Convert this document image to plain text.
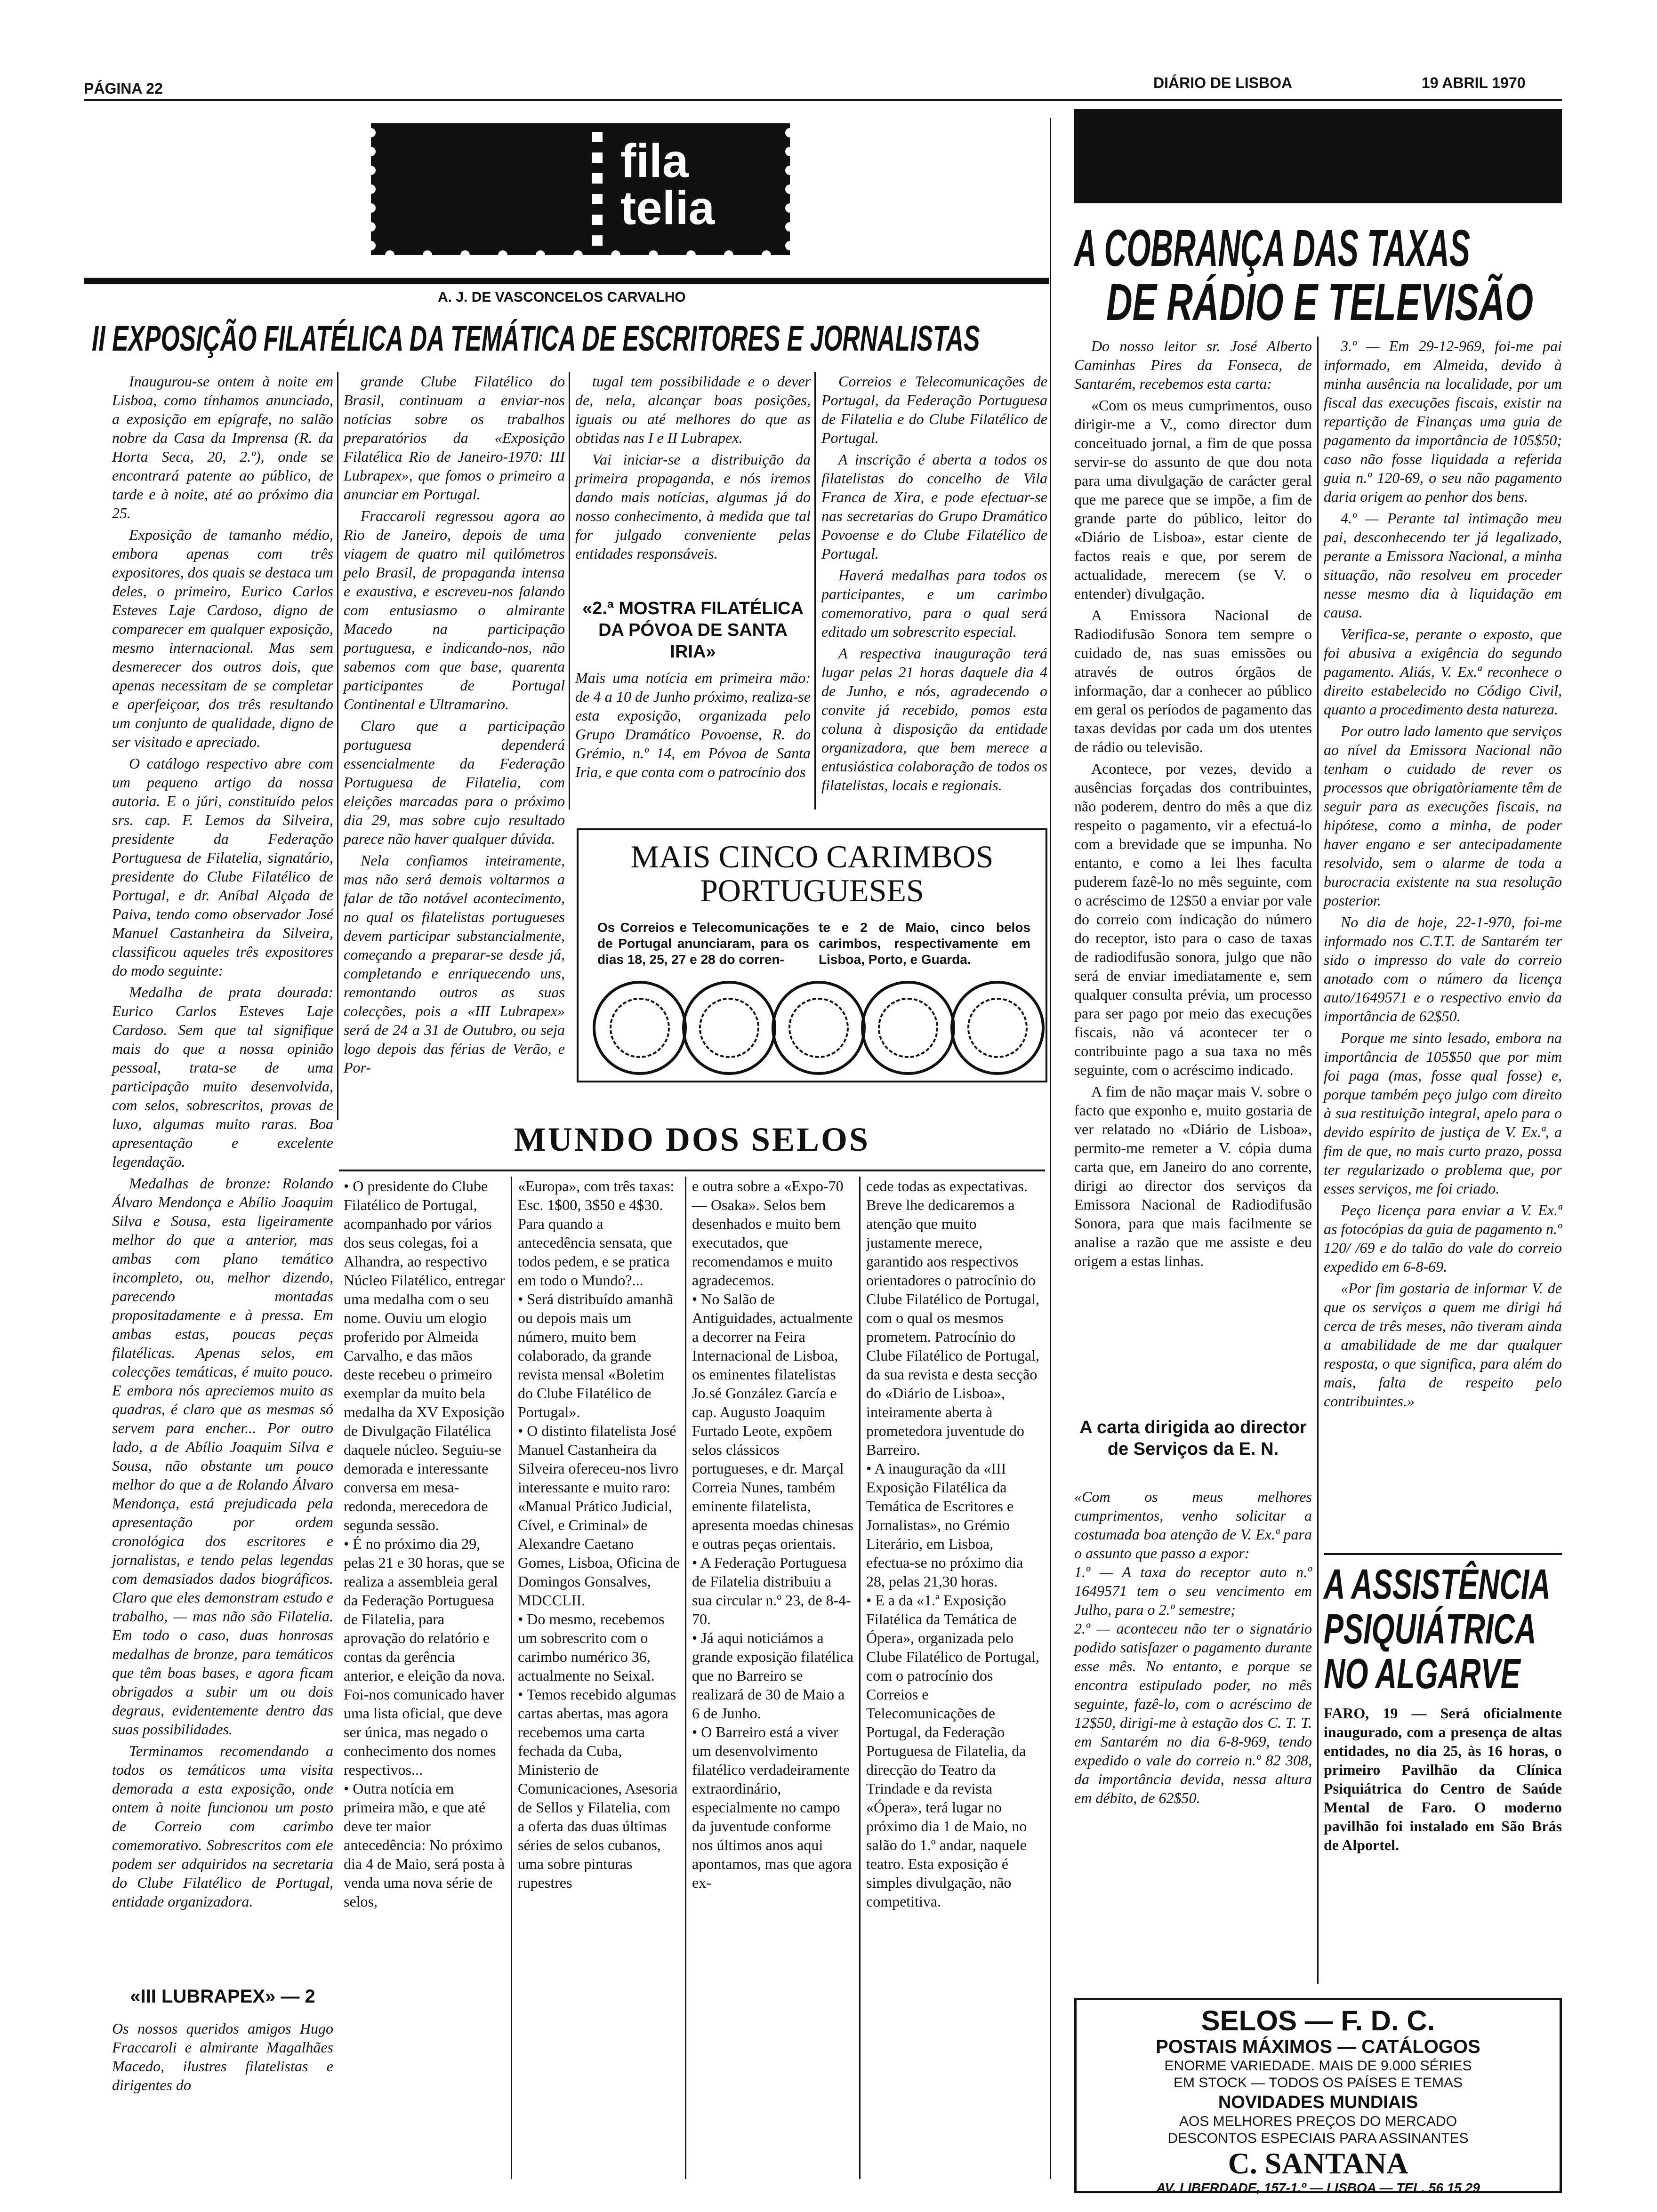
PÁGINA 22	DIÁRIO DE LISBOA	19 ABRIL 1970
fila
telia
A. J. DE VASCONCELOS CARVALHO
II EXPOSIÇÃO FILATÉLICA DA TEMÁTICA DE ESCRITORES E JORNALISTAS

Inaugurou-se ontem à noite em Lisboa, como tínhamos anunciado, a exposição em epígrafe, no salão nobre da Casa da Imprensa (R. da Horta Seca, 20, 2.º), onde se encontrará patente ao público, de tarde e à noite, até ao próximo dia 25.

Exposição de tamanho médio, embora apenas com três expositores, dos quais se destaca um deles, o primeiro, Eurico Carlos Esteves Laje Cardoso, digno de comparecer em qualquer exposição, mesmo internacional. Mas sem desmerecer dos outros dois, que apenas necessitam de se completar e aperfeiçoar, dos três resultando um conjunto de qualidade, digno de ser visitado e apreciado.

O catálogo respectivo abre com um pequeno artigo da nossa autoria. E o júri, constituído pelos srs. cap. F. Lemos da Silveira, presidente da Federação Portuguesa de Filatelia, signatário, presidente do Clube Filatélico de Portugal, e dr. Aníbal Alçada de Paiva, tendo como observador José Manuel Castanheira da Silveira, classificou aqueles três expositores do modo seguinte:

Medalha de prata dourada: Eurico Carlos Esteves Laje Cardoso. Sem que tal signifique mais do que a nossa opinião pessoal, trata-se de uma participação muito desenvolvida, com selos, sobrescritos, provas de luxo, algumas muito raras. Boa apresentação e excelente legendação.

Medalhas de bronze: Rolando Álvaro Mendonça e Abílio Joaquim Silva e Sousa, esta ligeiramente melhor do que a anterior, mas ambas com plano temático incompleto, ou, melhor dizendo, parecendo montadas propositadamente e à pressa. Em ambas estas, poucas peças filatélicas. Apenas selos, em colecções temáticas, é muito pouco. E embora nós apreciemos muito as quadras, é claro que as mesmas só servem para encher... Por outro lado, a de Abílio Joaquim Silva e Sousa, não obstante um pouco melhor do que a de Rolando Álvaro Mendonça, está prejudicada pela apresentação por ordem cronológica dos escritores e jornalistas, e tendo pelas legendas com demasiados dados biográficos. Claro que eles demonstram estudo e trabalho, — mas não são Filatelia. Em todo o caso, duas honrosas medalhas de bronze, para temáticos que têm boas bases, e agora ficam obrigados a subir um ou dois degraus, evidentemente dentro das suas possibilidades.

Terminamos recomendando a todos os temáticos uma visita demorada a esta exposição, onde ontem à noite funcionou um posto de Correio com carimbo comemorativo. Sobrescritos com ele podem ser adquiridos na secretaria do Clube Filatélico de Portugal, entidade organizadora.

«III LUBRAPEX» — 2
Os nossos queridos amigos Hugo Fraccaroli e almirante Magalhães Macedo, ilustres filatelistas e dirigentes do

grande Clube Filatélico do Brasil, continuam a enviar-nos notícias sobre os trabalhos preparatórios da «Exposição Filatélica Rio de Janeiro-1970: III Lubrapex», que fomos o primeiro a anunciar em Portugal.

Fraccaroli regressou agora ao Rio de Janeiro, depois de uma viagem de quatro mil quilómetros pelo Brasil, de propaganda intensa e exaustiva, e escreveu-nos falando com entusiasmo o almirante Macedo na participação portuguesa, e indicando-nos, não sabemos com que base, quarenta participantes de Portugal Continental e Ultramarino.

Claro que a participação portuguesa dependerá essencialmente da Federação Portuguesa de Filatelia, com eleições marcadas para o próximo dia 29, mas sobre cujo resultado parece não haver qualquer dúvida.

Nela confiamos inteiramente, mas não será demais voltarmos a falar de tão notável acontecimento, no qual os filatelistas portugueses devem participar substancialmente, começando a preparar-se desde já, completando e enriquecendo uns, remontando outros as suas colecções, pois a «III Lubrapex» será de 24 a 31 de Outubro, ou seja logo depois das férias de Verão, e Por-

tugal tem possibilidade e o dever de, nela, alcançar boas posições, iguais ou até melhores do que as obtidas nas I e II Lubrapex.

Vai iniciar-se a distribuição da primeira propaganda, e nós iremos dando mais notícias, algumas já do nosso conhecimento, à medida que tal for julgado conveniente pelas entidades responsáveis.

«2.ª MOSTRA FILATÉLICA DA PÓVOA DE SANTA IRIA»
Mais uma notícia em primeira mão: de 4 a 10 de Junho próximo, realiza-se esta exposição, organizada pelo Grupo Dramático Povoense, R. do Grémio, n.º 14, em Póvoa de Santa Iria, e que conta com o patrocínio dos

Correios e Telecomunicações de Portugal, da Federação Portuguesa de Filatelia e do Clube Filatélico de Portugal.

A inscrição é aberta a todos os filatelistas do concelho de Vila Franca de Xira, e pode efectuar-se nas secretarias do Grupo Dramático Povoense e do Clube Filatélico de Portugal.

Haverá medalhas para todos os participantes, e um carimbo comemorativo, para o qual será editado um sobrescrito especial.

A respectiva inauguração terá lugar pelas 21 horas daquele dia 4 de Junho, e nós, agradecendo o convite já recebido, pomos esta coluna à disposição da entidade organizadora, que bem merece a entusiástica colaboração de todos os filatelistas, locais e regionais.

MAIS CINCO CARIMBOS
PORTUGUESES
Os Correios e Telecomunicações de Portugal anunciaram, para os dias 18, 25, 27 e 28 do corren-
te e 2 de Maio, cinco belos carimbos, respectivamente em Lisboa, Porto, e Guarda.
MUNDO DOS SELOS
• O presidente do Clube Filatélico de Portugal, acompanhado por vários dos seus colegas, foi a Alhandra, ao respectivo Núcleo Filatélico, entregar uma medalha com o seu nome. Ouviu um elogio proferido por Almeida Carvalho, e das mãos deste recebeu o primeiro exemplar da muito bela medalha da XV Exposição de Divulgação Filatélica daquele núcleo. Seguiu-se demorada e interessante conversa em mesa-redonda, merecedora de segunda sessão.
• É no próximo dia 29, pelas 21 e 30 horas, que se realiza a assembleia geral da Federação Portuguesa de Filatelia, para aprovação do relatório e contas da gerência anterior, e eleição da nova. Foi-nos comunicado haver uma lista oficial, que deve ser única, mas negado o conhecimento dos nomes respectivos...
• Outra notícia em primeira mão, e que até deve ter maior antecedência: No próximo dia 4 de Maio, será posta à venda uma nova série de selos,
«Europa», com três taxas: Esc. 1$00, 3$50 e 4$30. Para quando a antecedência sensata, que todos pedem, e se pratica em todo o Mundo?...
• Será distribuído amanhã ou depois mais um número, muito bem colaborado, da grande revista mensal «Boletim do Clube Filatélico de Portugal».
• O distinto filatelista José Manuel Castanheira da Silveira ofereceu-nos livro interessante e muito raro: «Manual Prático Judicial, Cível, e Criminal» de Alexandre Caetano Gomes, Lisboa, Oficina de Domingos Gonsalves, MDCCLII.
• Do mesmo, recebemos um sobrescrito com o carimbo numérico 36, actualmente no Seixal.
• Temos recebido algumas cartas abertas, mas agora recebemos uma carta fechada da Cuba, Ministerio de Comunicaciones, Asesoria de Sellos y Filatelia, com a oferta das duas últimas séries de selos cubanos, uma sobre pinturas rupestres
e outra sobre a «Expo-70 — Osaka». Selos bem desenhados e muito bem executados, que recomendamos e muito agradecemos.
• No Salão de Antiguidades, actualmente a decorrer na Feira Internacional de Lisboa, os eminentes filatelistas Jo.sé González García e cap. Augusto Joaquim Furtado Leote, expõem selos clássicos portugueses, e dr. Marçal Correia Nunes, também eminente filatelista, apresenta moedas chinesas e outras peças orientais.
• A Federação Portuguesa de Filatelia distribuiu a sua circular n.º 23, de 8-4-70.
• Já aqui noticiámos a grande exposição filatélica que no Barreiro se realizará de 30 de Maio a 6 de Junho.
• O Barreiro está a viver um desenvolvimento filatélico verdadeiramente extraordinário, especialmente no campo da juventude conforme nos últimos anos aqui apontamos, mas que agora ex-
cede todas as expectativas. Breve lhe dedicaremos a atenção que muito justamente merece, garantido aos respectivos orientadores o patrocínio do Clube Filatélico de Portugal, com o qual os mesmos prometem. Patrocínio do Clube Filatélico de Portugal, da sua revista e desta secção do «Diário de Lisboa», inteiramente aberta à prometedora juventude do Barreiro.
• A inauguração da «III Exposição Filatélica da Temática de Escritores e Jornalistas», no Grémio Literário, em Lisboa, efectua-se no próximo dia 28, pelas 21,30 horas.
• E a da «1.ª Exposição Filatélica da Temática de Ópera», organizada pelo Clube Filatélico de Portugal, com o patrocínio dos Correios e Telecomunicações de Portugal, da Federação Portuguesa de Filatelia, da direcção do Teatro da Trindade e da revista «Ópera», terá lugar no próximo dia 1 de Maio, no salão do 1.º andar, naquele teatro. Esta exposição é simples divulgação, não competitiva.
A COBRANÇA DAS TAXAS
DE RÁDIO E TELEVISÃO

Do nosso leitor sr. José Alberto Caminhas Pires da Fonseca, de Santarém, recebemos esta carta:

«Com os meus cumprimentos, ouso dirigir-me a V., como director dum conceituado jornal, a fim de que possa servir-se do assunto de que dou nota para uma divulgação de carácter geral que me parece que se impõe, a fim de grande parte do público, leitor do «Diário de Lisboa», estar ciente de factos reais e que, por serem de actualidade, merecem (se V. o entender) divulgação.

A Emissora Nacional de Radiodifusão Sonora tem sempre o cuidado de, nas suas emissões ou através de outros órgãos de informação, dar a conhecer ao público em geral os períodos de pagamento das taxas devidas por cada um dos utentes de rádio ou televisão.

Acontece, por vezes, devido a ausências forçadas dos contribuintes, não poderem, dentro do mês a que diz respeito o pagamento, vir a efectuá-lo com a brevidade que se impunha. No entanto, e como a lei lhes faculta puderem fazê-lo no mês seguinte, com o acréscimo de 12$50 a enviar por vale do correio com indicação do número do receptor, isto para o caso de taxas de radiodifusão sonora, julgo que não será de enviar imediatamente e, sem qualquer consulta prévia, um processo para ser pago por meio das execuções fiscais, não vá acontecer ter o contribuinte pago a sua taxa no mês seguinte, com o acréscimo indicado.

A fim de não maçar mais V. sobre o facto que exponho e, muito gostaria de ver relatado no «Diário de Lisboa», permito-me remeter a V. cópia duma carta que, em Janeiro do ano corrente, dirigi ao director dos serviços da Emissora Nacional de Radiodifusão Sonora, para que mais facilmente se analise a razão que me assiste e deu origem a estas linhas.

A carta dirigida ao director de Serviços da E. N.
«Com os meus melhores cumprimentos, venho solicitar a costumada boa atenção de V. Ex.ª para o assunto que passo a expor:
1.º — A taxa do receptor auto n.º 1649571 tem o seu vencimento em Julho, para o 2.º semestre;
2.º — aconteceu não ter o signatário podido satisfazer o pagamento durante esse mês. No entanto, e porque se encontra estipulado poder, no mês seguinte, fazê-lo, com o acréscimo de 12$50, dirigi-me à estação dos C. T. T. em Santarém no dia 6-8-969, tendo expedido o vale do correio n.º 82 308, da importância devida, nessa altura em débito, de 62$50.

3.º — Em 29-12-969, foi-me pai informado, em Almeida, devido à minha ausência na localidade, por um fiscal das execuções fiscais, existir na repartição de Finanças uma guia de pagamento da importância de 105$50; caso não fosse liquidada a referida guia n.º 120-69, o seu não pagamento daria origem ao penhor dos bens.

4.º — Perante tal intimação meu pai, desconhecendo ter já legalizado, perante a Emissora Nacional, a minha situação, não resolveu em proceder nesse mesmo dia à liquidação em causa.

Verifica-se, perante o exposto, que foi abusiva a exigência do segundo pagamento. Aliás, V. Ex.ª reconhece o direito estabelecido no Código Civil, quanto a procedimento desta natureza.

Por outro lado lamento que serviços ao nível da Emissora Nacional não tenham o cuidado de rever os processos que obrigatòriamente têm de seguir para as execuções fiscais, na hipótese, como a minha, de poder haver engano e ser antecipadamente resolvido, sem o alarme de toda a burocracia existente na sua resolução posterior.

No dia de hoje, 22-1-970, foi-me informado nos C.T.T. de Santarém ter sido o impresso do vale do correio anotado com o número da licença auto/1649571 e o respectivo envio da importância de 62$50.

Porque me sinto lesado, embora na importância de 105$50 que por mim foi paga (mas, fosse qual fosse) e, porque também peço julgo com direito à sua restituição integral, apelo para o devido espírito de justiça de V. Ex.ª, a fim de que, no mais curto prazo, possa ter regularizado o problema que, por esses serviços, me foi criado.

Peço licença para enviar a V. Ex.ª as fotocópias da guia de pagamento n.º 120/ /69 e do talão do vale do correio expedido em 6-8-69.

«Por fim gostaria de informar V. de que os serviços a quem me dirigi há cerca de três meses, não tiveram ainda a amabilidade de me dar qualquer resposta, o que significa, para além do mais, falta de respeito pelo contribuintes.»

A ASSISTÊNCIA
PSIQUIÁTRICA
NO ALGARVE
FARO, 19 — Será oficialmente inaugurado, com a presença de altas entidades, no dia 25, às 16 horas, o primeiro Pavilhão da Clínica Psiquiátrica do Centro de Saúde Mental de Faro. O moderno pavilhão foi instalado em São Brás de Alportel.
SELOS — F. D. C.
POSTAIS MÁXIMOS — CATÁLOGOS
ENORME VARIEDADE. MAIS DE 9.000 SÉRIES
EM STOCK — TODOS OS PAÍSES E TEMAS
NOVIDADES MUNDIAIS
AOS MELHORES PREÇOS DO MERCADO
DESCONTOS ESPECIAIS PARA ASSINANTES
C. SANTANA
AV. LIBERDADE, 157-1.º — LISBOA — TEL. 56 15 29
